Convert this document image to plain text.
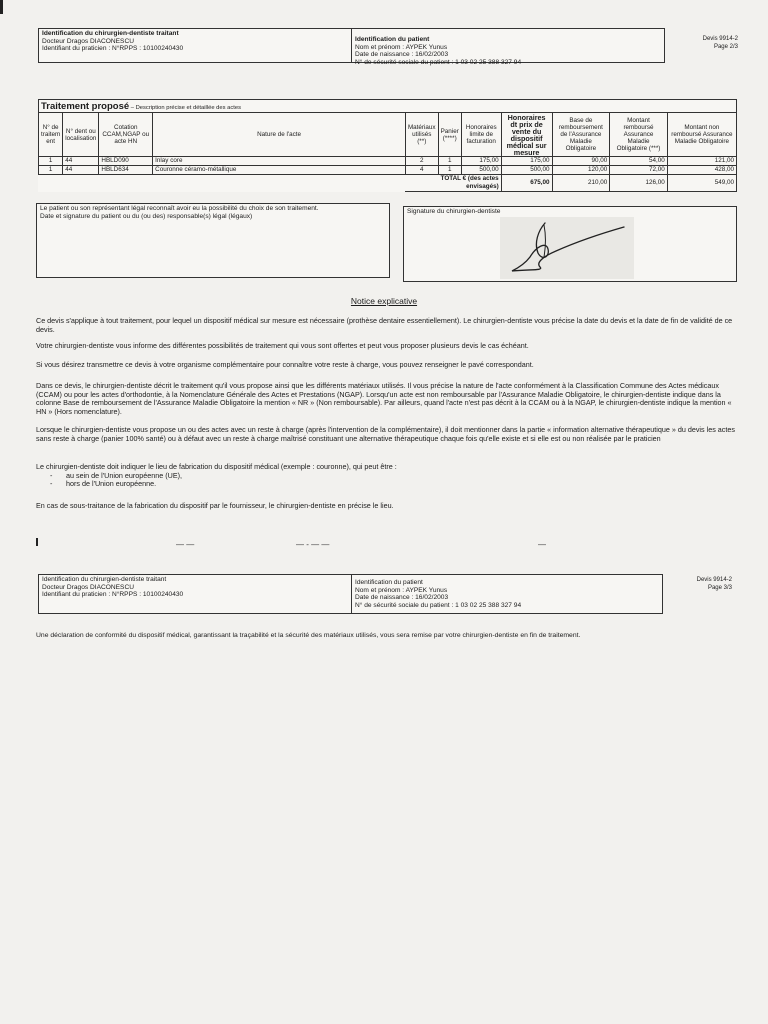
Identification du chirurgien-dentiste traitant
Docteur Dragos DIACONESCU
Identifiant du praticien : N°RPPS : 10100240430
Identification du patient
Nom et prénom : AYPEK Yunus
Date de naissance : 16/02/2003
N° de sécurité sociale du patient : 1 03 02 25 388 327 94
Devis 9914-2
Page 2/3
Traitement proposé – Description précise et détaillée des actes
N° de traitem ent	N° dent ou localisation	Cotation CCAM,NGAP ou acte HN	Nature de l'acte	Matériaux utilisés (**)	Panier (****)	Honoraires limite de facturation	Honoraires dt prix de vente du dispositif médical sur mesure	Base de remboursement de l'Assurance Maladie Obligatoire	Montant remboursé Assurance Maladie Obligatoire (***)	Montant non remboursé Assurance Maladie Obligatoire
1	44	HBLD090	Inlay core	2	1	175,00	175,00	90,00	54,00	121,00
1	44	HBLD634	Couronne céramo-métallique	4	1	500,00	500,00	120,00	72,00	428,00
				TOTAL € (des actes envisagés)			675,00	210,00	126,00	549,00
Le patient ou son représentant légal reconnaît avoir eu la possibilité du choix de son traitement.
Date et signature du patient ou du (ou des) responsable(s) légal (légaux)
Signature du chirurgien-dentiste
Notice explicative
Ce devis s'applique à tout traitement, pour lequel un dispositif médical sur mesure est nécessaire (prothèse dentaire essentiellement). Le chirurgien-dentiste vous précise la date du devis et la date de fin de validité de ce devis.
Votre chirurgien-dentiste vous informe des différentes possibilités de traitement qui vous sont offertes et peut vous proposer plusieurs devis le cas échéant.
Si vous désirez transmettre ce devis à votre organisme complémentaire pour connaître votre reste à charge, vous pouvez renseigner le pavé correspondant.
Dans ce devis, le chirurgien-dentiste décrit le traitement qu'il vous propose ainsi que les différents matériaux utilisés. Il vous précise la nature de l'acte conformément à la Classification Commune des Actes médicaux (CCAM) ou pour les actes d'orthodontie, à la Nomenclature Générale des Actes et Prestations (NGAP). Lorsqu'un acte est non remboursable par l'Assurance Maladie Obligatoire, le chirurgien-dentiste indique dans la colonne Base de remboursement de l'Assurance Maladie Obligatoire la mention « NR » (Non remboursable). Par ailleurs, quand l'acte n'est pas décrit à la CCAM ou à la NGAP, le chirurgien-dentiste indique la mention « HN » (Hors nomenclature).
Lorsque le chirurgien-dentiste vous propose un ou des actes avec un reste à charge (après l'intervention de la complémentaire), il doit mentionner dans la partie « information alternative thérapeutique » du devis les actes sans reste à charge (panier 100% santé) ou à défaut avec un reste à charge maîtrisé constituant une alternative thérapeutique chaque fois qu'elle existe et si elle est ou non réalisée par le praticien
Le chirurgien-dentiste doit indiquer le lieu de fabrication du dispositif médical (exemple : couronne), qui peut être :
- au sein de l'Union européenne (UE),
- hors de l'Union européenne.
En cas de sous-traitance de la fabrication du dispositif par le fournisseur, le chirurgien-dentiste en précise le lieu.
— —	— - — —	—
Identification du chirurgien-dentiste traitant
Docteur Dragos DIACONESCU
Identifiant du praticien : N°RPPS : 10100240430
Identification du patient
Nom et prénom : AYPEK Yunus
Date de naissance : 16/02/2003
N° de sécurité sociale du patient : 1 03 02 25 388 327 94
Devis 9914-2
Page 3/3
Une déclaration de conformité du dispositif médical, garantissant la traçabilité et la sécurité des matériaux utilisés, vous sera remise par votre chirurgien-dentiste en fin de traitement.
